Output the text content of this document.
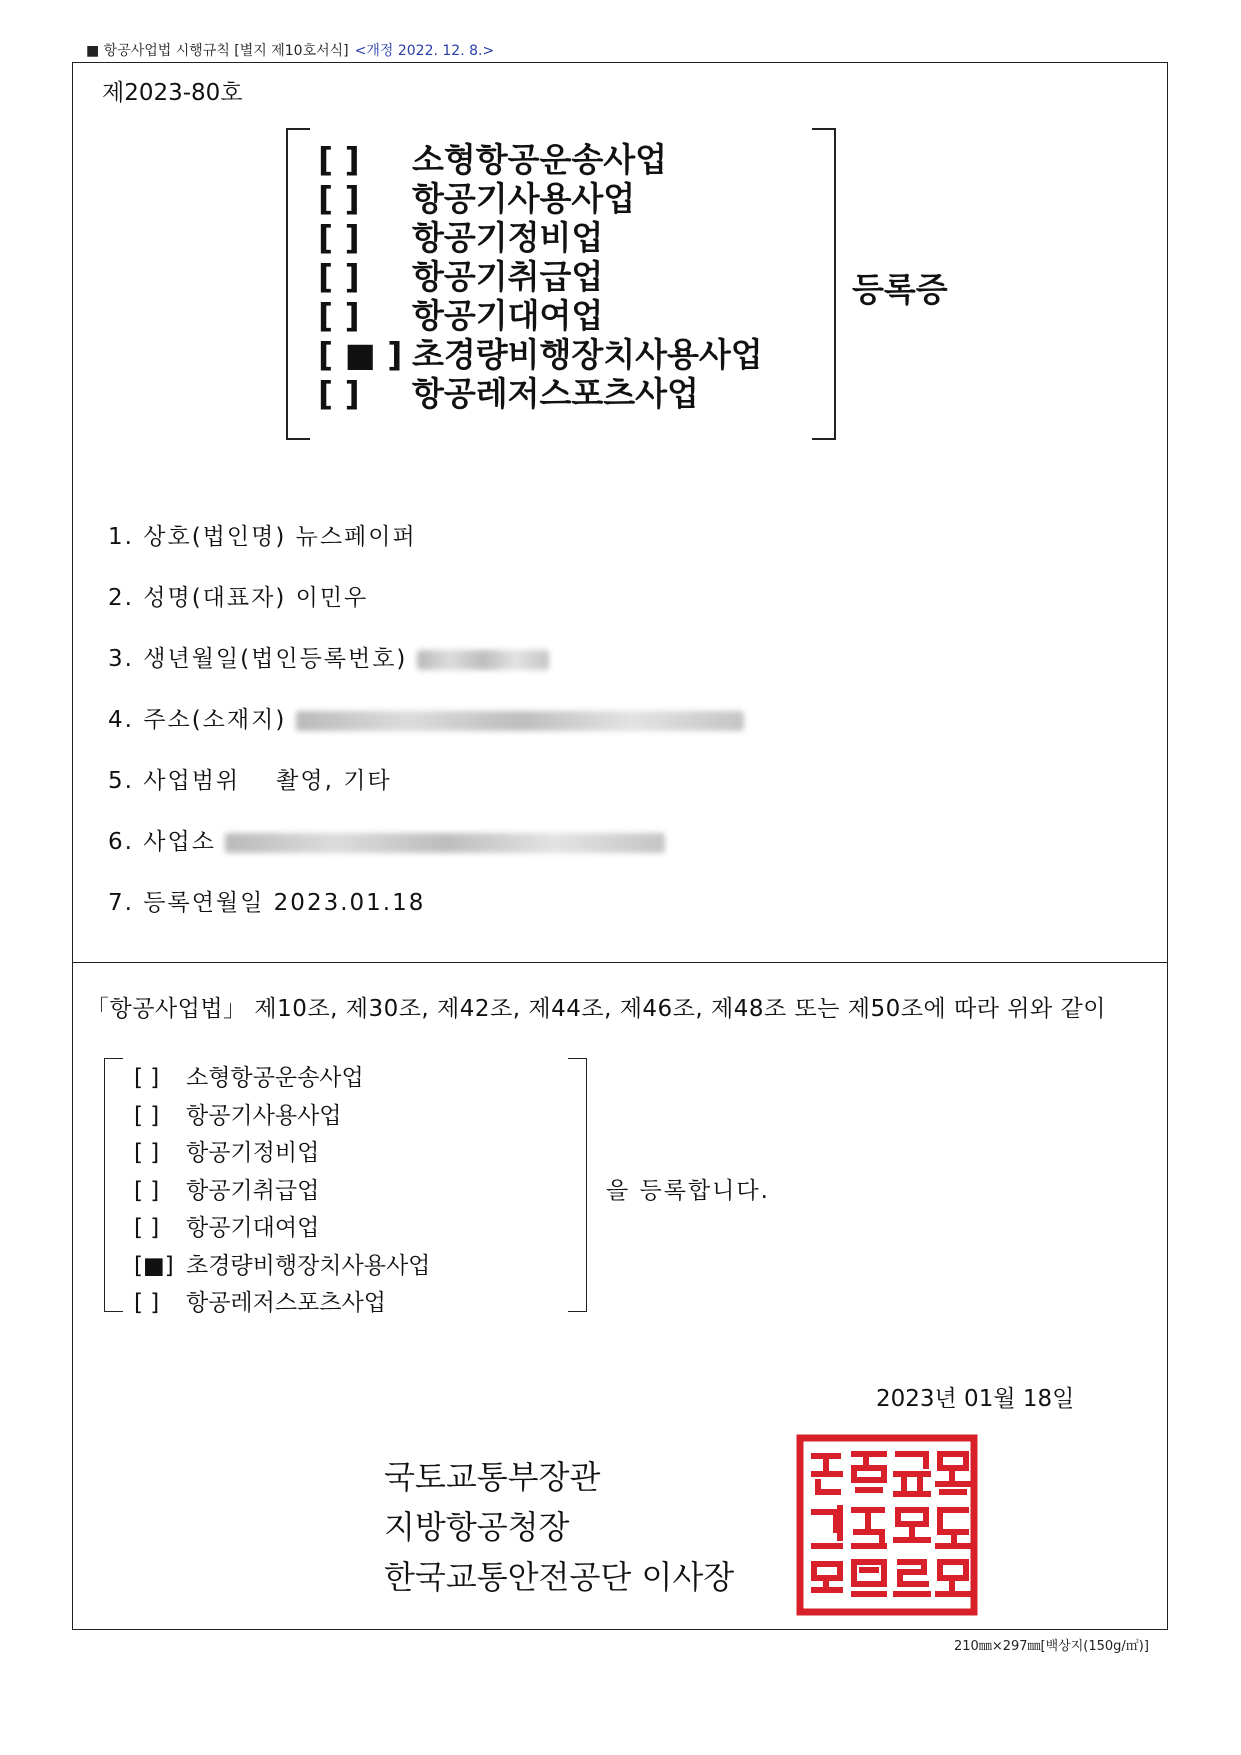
■ 항공사업법 시행규칙 [별지 제10호서식] <개정 2022. 12. 8.>
제2023-80호
[ ] 소형항공운송사업
[ ] 항공기사용사업
[ ] 항공기정비업
[ ] 항공기취급업
[ ] 항공기대여업
[ ■ ] 초경량비행장치사용사업
[ ] 항공레저스포츠사업
등록증
1. 상호(법인명) 뉴스페이퍼
2. 성명(대표자) 이민우
3. 생년월일(법인등록번호)
4. 주소(소재지)
5. 사업범위 촬영, 기타
6. 사업소
7. 등록연월일 2023.01.18
「항공사업법」 제10조, 제30조, 제42조, 제44조, 제46조, 제48조 또는 제50조에 따라 위와 같이
[ ] 소형항공운송사업
[ ] 항공기사용사업
[ ] 항공기정비업
[ ] 항공기취급업
[ ] 항공기대여업
[■] 초경량비행장치사용사업
[ ] 항공레저스포츠사업
을 등록합니다.
2023년 01월 18일
국토교통부장관
지방항공청장
한국교통안전공단 이사장
210㎜×297㎜[백상지(150g/㎡)]
